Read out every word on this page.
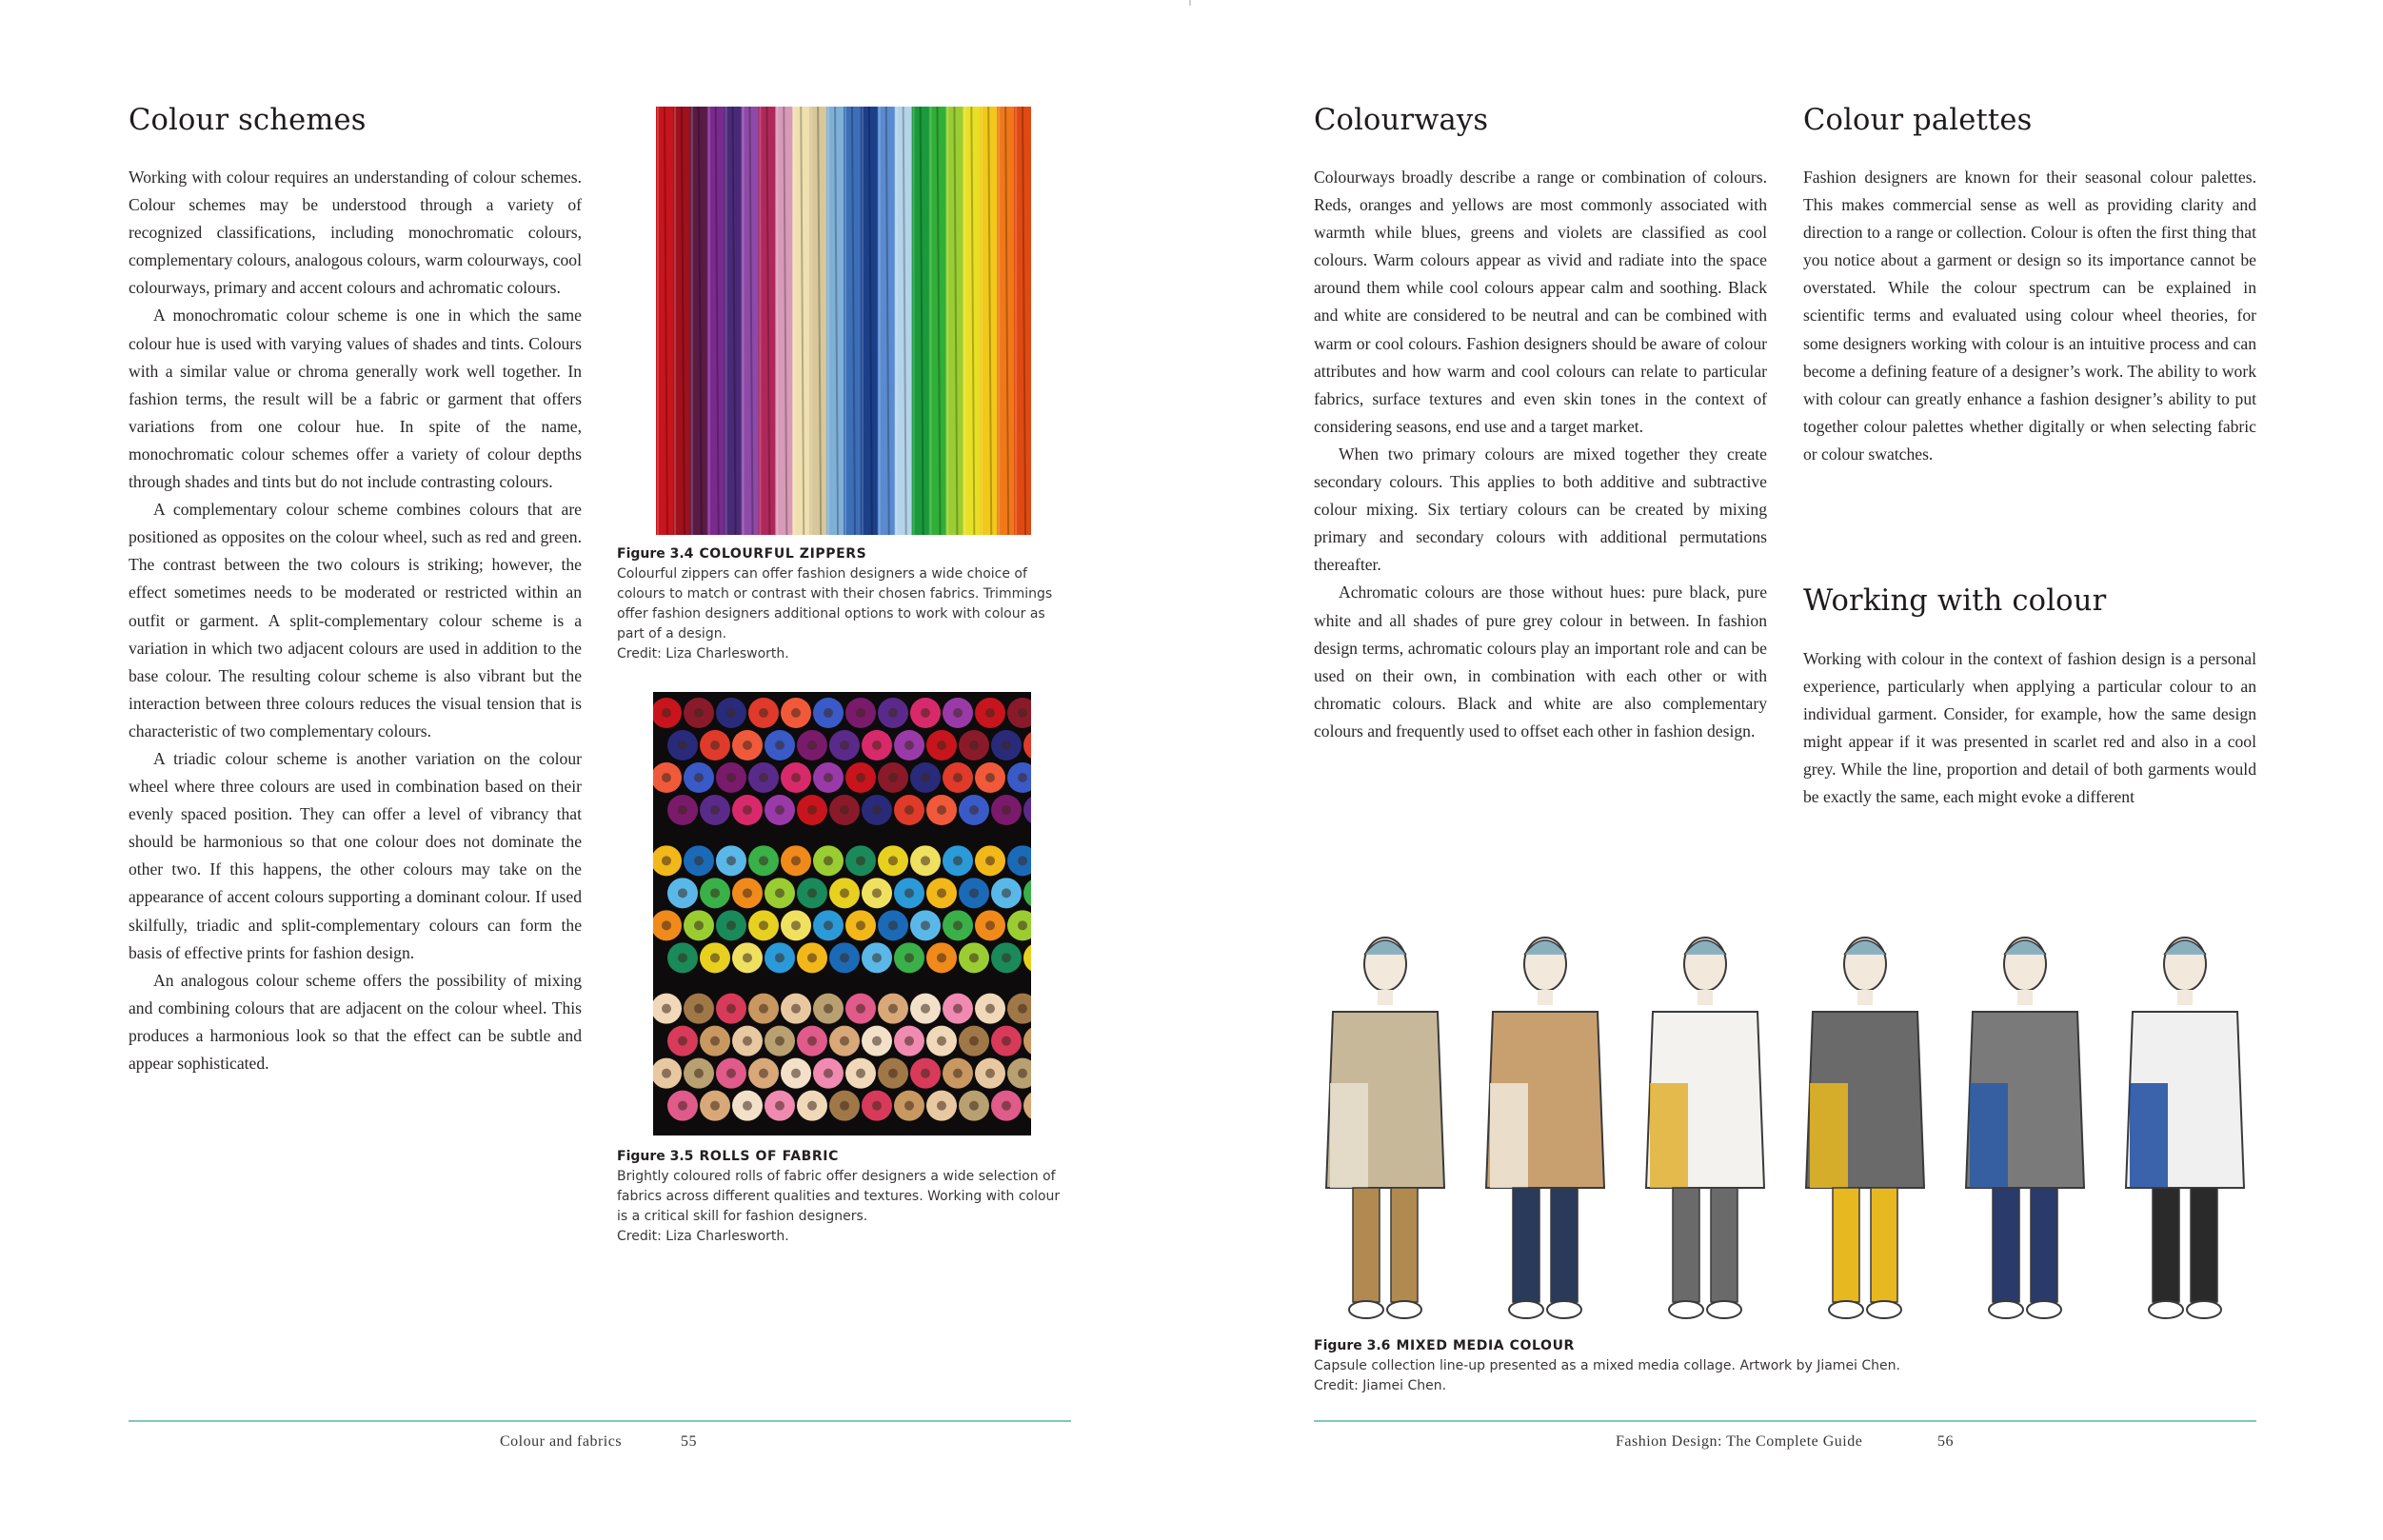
Colour schemes

Working with colour requires an understanding of colour schemes. Colour schemes may be understood through a variety of recognized classifications, including monochromatic colours, complementary colours, analogous colours, warm colourways, cool colourways, primary and accent colours and achromatic colours.

A monochromatic colour scheme is one in which the same colour hue is used with varying values of shades and tints. Colours with a similar value or chroma generally work well together. In fashion terms, the result will be a fabric or garment that offers variations from one colour hue. In spite of the name, monochromatic colour schemes offer a variety of colour depths through shades and tints but do not include contrasting colours.

A complementary colour scheme combines colours that are positioned as opposites on the colour wheel, such as red and green. The contrast between the two colours is striking; however, the effect sometimes needs to be moderated or restricted within an outfit or garment. A split-complementary colour scheme is a variation in which two adjacent colours are used in addition to the base colour. The resulting colour scheme is also vibrant but the interaction between three colours reduces the visual tension that is characteristic of two complementary colours.

A triadic colour scheme is another variation on the colour wheel where three colours are used in combination based on their evenly spaced position. They can offer a level of vibrancy that should be harmonious so that one colour does not dominate the other two. If this happens, the other colours may take on the appearance of accent colours supporting a dominant colour. If used skilfully, triadic and split-complementary colours can form the basis of effective prints for fashion design.

An analogous colour scheme offers the possibility of mixing and combining colours that are adjacent on the colour wheel. This produces a harmonious look so that the effect can be subtle and appear sophisticated.

Figure 3.4 COLOURFUL ZIPPERS
Colourful zippers can offer fashion designers a wide choice of colours to match or contrast with their chosen fabrics. Trimmings offer fashion designers additional options to work with colour as part of a design.
Credit: Liza Charlesworth.
Figure 3.5 ROLLS OF FABRIC
Brightly coloured rolls of fabric offer designers a wide selection of fabrics across different qualities and textures. Working with colour is a critical skill for fashion designers.
Credit: Liza Charlesworth.
Colour and fabrics	55
Colourways

Colourways broadly describe a range or combination of colours. Reds, oranges and yellows are most commonly associated with warmth while blues, greens and violets are classified as cool colours. Warm colours appear as vivid and radiate into the space around them while cool colours appear calm and soothing. Black and white are considered to be neutral and can be combined with warm or cool colours. Fashion designers should be aware of colour attributes and how warm and cool colours can relate to particular fabrics, surface textures and even skin tones in the context of considering seasons, end use and a target market.

When two primary colours are mixed together they create secondary colours. This applies to both additive and subtractive colour mixing. Six tertiary colours can be created by mixing primary and secondary colours with additional permutations thereafter.

Achromatic colours are those without hues: pure black, pure white and all shades of pure grey colour in between. In fashion design terms, achromatic colours play an important role and can be used on their own, in combination with each other or with chromatic colours. Black and white are also complementary colours and frequently used to offset each other in fashion design.

Colour palettes

Fashion designers are known for their seasonal colour palettes. This makes commercial sense as well as providing clarity and direction to a range or collection. Colour is often the first thing that you notice about a garment or design so its importance cannot be overstated. While the colour spectrum can be explained in scientific terms and evaluated using colour wheel theories, for some designers working with colour is an intuitive process and can become a defining feature of a designer’s work. The ability to work with colour can greatly enhance a fashion designer’s ability to put together colour palettes whether digitally or when selecting fabric or colour swatches.

Working with colour

Working with colour in the context of fashion design is a personal experience, particularly when applying a particular colour to an individual garment. Consider, for example, how the same design might appear if it was presented in scarlet red and also in a cool grey. While the line, proportion and detail of both garments would be exactly the same, each might evoke a different

Figure 3.6 MIXED MEDIA COLOUR
Capsule collection line-up presented as a mixed media collage. Artwork by Jiamei Chen.
Credit: Jiamei Chen.
Fashion Design: The Complete Guide	56
